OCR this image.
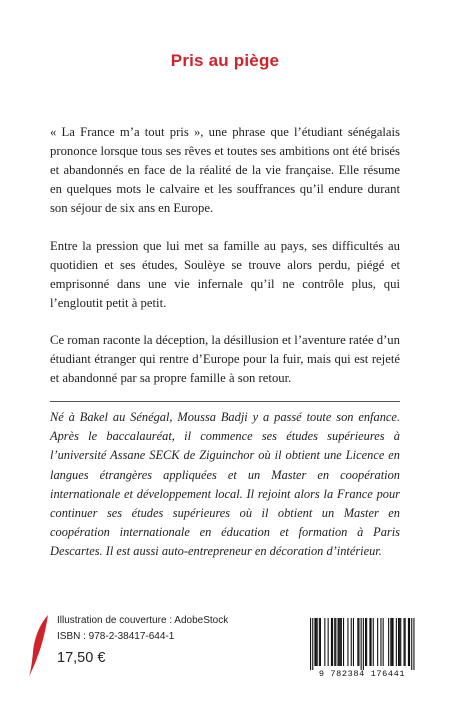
Pris au piège

« La France m’a tout pris », une phrase que l’étudiant sénégalais prononce lorsque tous ses rêves et toutes ses ambitions ont été brisés et abandonnés en face de la réalité de la vie française. Elle résume en quelques mots le calvaire et les souffrances qu’il endure durant son séjour de six ans en Europe.

Entre la pression que lui met sa famille au pays, ses difficultés au quotidien et ses études, Soulèye se trouve alors perdu, piégé et emprisonné dans une vie infernale qu’il ne contrôle plus, qui l’engloutit petit à petit.

Ce roman raconte la déception, la désillusion et l’aventure ratée d’un étudiant étranger qui rentre d’Europe pour la fuir, mais qui est rejeté et abandonné par sa propre famille à son retour.

Né à Bakel au Sénégal, Moussa Badji y a passé toute son enfance. Après le baccalauréat, il commence ses études supérieures à l’université Assane SECK de Ziguinchor où il obtient une Licence en langues étrangères appliquées et un Master en coopération internationale et développement local. Il rejoint alors la France pour continuer ses études supérieures où il obtient un Master en coopération internationale en éducation et formation à Paris Descartes. Il est aussi auto-entrepreneur en décoration d’intérieur.

Illustration de couverture : AdobeStock
ISBN : 978-2-38417-644-1
17,50 €
9 782384 176441
